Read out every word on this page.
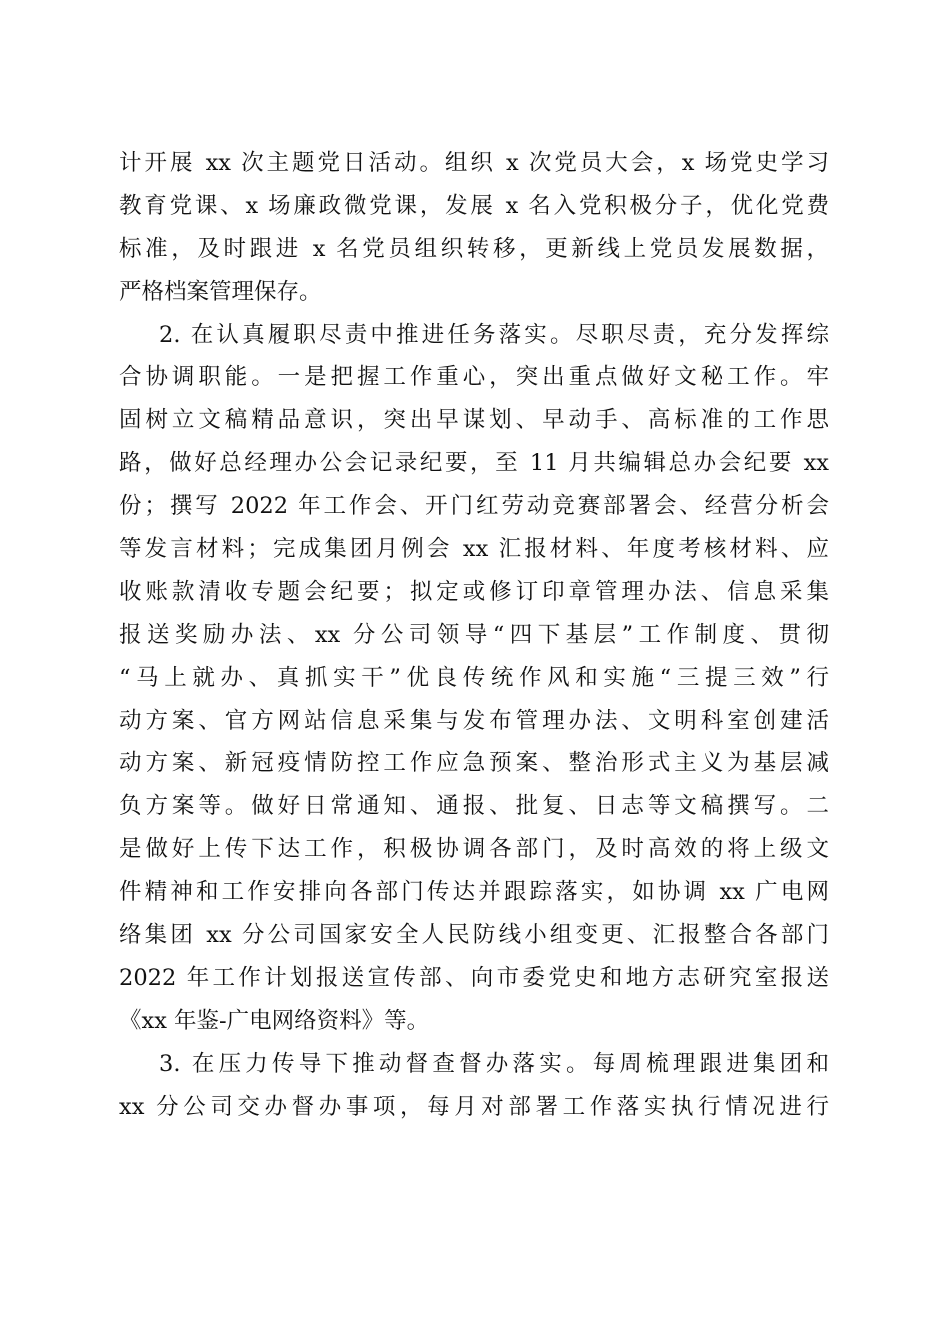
计开展 xx 次主题党日活动。组织 x 次党员大会，x 场党史学习
教育党课、x 场廉政微党课，发展 x 名入党积极分子，优化党费
标准，及时跟进 x 名党员组织转移，更新线上党员发展数据，
严格档案管理保存。
2. 在认真履职尽责中推进任务落实。尽职尽责，充分发挥综
合协调职能。一是把握工作重心，突出重点做好文秘工作。牢
固树立文稿精品意识，突出早谋划、早动手、高标准的工作思
路，做好总经理办公会记录纪要，至 11 月共编辑总办会纪要 xx
份；撰写 2022 年工作会、开门红劳动竞赛部署会、经营分析会
等发言材料；完成集团月例会 xx 汇报材料、年度考核材料、应
收账款清收专题会纪要；拟定或修订印章管理办法、信息采集
报送奖励办法、xx 分公司领导“四下基层”工作制度、贯彻
“马上就办、真抓实干”优良传统作风和实施“三提三效”行
动方案、官方网站信息采集与发布管理办法、文明科室创建活
动方案、新冠疫情防控工作应急预案、整治形式主义为基层减
负方案等。做好日常通知、通报、批复、日志等文稿撰写。二
是做好上传下达工作，积极协调各部门，及时高效的将上级文
件精神和工作安排向各部门传达并跟踪落实，如协调 xx 广电网
络集团 xx 分公司国家安全人民防线小组变更、汇报整合各部门
2022 年工作计划报送宣传部、向市委党史和地方志研究室报送
《xx 年鉴-广电网络资料》等。
3. 在压力传导下推动督查督办落实。每周梳理跟进集团和
xx 分公司交办督办事项，每月对部署工作落实执行情况进行
